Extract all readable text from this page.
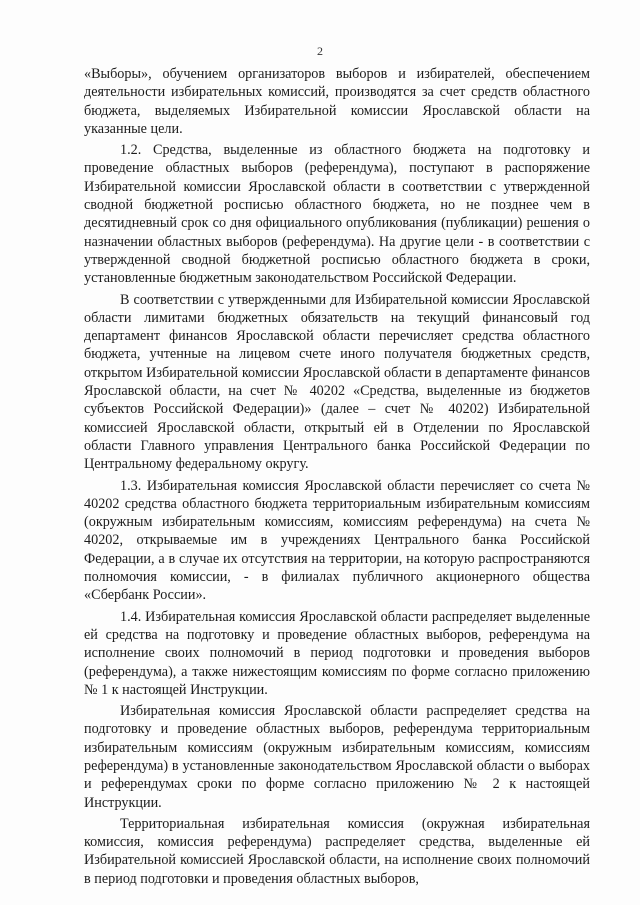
2

«Выборы», обучением организаторов выборов и избирателей, обеспечением деятельности избирательных комиссий, производятся за счет средств областного бюджета, выделяемых Избирательной комиссии Ярославской области на указанные цели.

1.2. Средства, выделенные из областного бюджета на подготовку и проведение областных выборов (референдума), поступают в распоряжение Избирательной комиссии Ярославской области в соответствии с утвержденной сводной бюджетной росписью областного бюджета, но не позднее чем в десятидневный срок со дня официального опубликования (публикации) решения о назначении областных выборов (референдума). На другие цели - в соответствии с утвержденной сводной бюджетной росписью областного бюджета в сроки, установленные бюджетным законодательством Российской Федерации.

В соответствии с утвержденными для Избирательной комиссии Ярославской области лимитами бюджетных обязательств на текущий финансовый год департамент финансов Ярославской области перечисляет средства областного бюджета, учтенные на лицевом счете иного получателя бюджетных средств, открытом Избирательной комиссии Ярославской области в департаменте финансов Ярославской области, на счет № 40202 «Средства, выделенные из бюджетов субъектов Российской Федерации)» (далее – счет № 40202) Избирательной комиссией Ярославской области, открытый ей в Отделении по Ярославской области Главного управления Центрального банка Российской Федерации по Центральному федеральному округу.

1.3. Избирательная комиссия Ярославской области перечисляет со счета № 40202 средства областного бюджета территориальным избирательным комиссиям (окружным избирательным комиссиям, комиссиям референдума) на счета № 40202, открываемые им в учреждениях Центрального банка Российской Федерации, а в случае их отсутствия на территории, на которую распространяются полномочия комиссии, - в филиалах публичного акционерного общества «Сбербанк России».

1.4. Избирательная комиссия Ярославской области распределяет выделенные ей средства на подготовку и проведение областных выборов, референдума на исполнение своих полномочий в период подготовки и проведения выборов (референдума), а также нижестоящим комиссиям по форме согласно приложению № 1 к настоящей Инструкции.

Избирательная комиссия Ярославской области распределяет средства на подготовку и проведение областных выборов, референдума территориальным избирательным комиссиям (окружным избирательным комиссиям, комиссиям референдума) в установленные законодательством Ярославской области о выборах и референдумах сроки по форме согласно приложению № 2 к настоящей Инструкции.

Территориальная избирательная комиссия (окружная избирательная комиссия, комиссия референдума) распределяет средства, выделенные ей Избирательной комиссией Ярославской области, на исполнение своих полномочий в период подготовки и проведения областных выборов,
